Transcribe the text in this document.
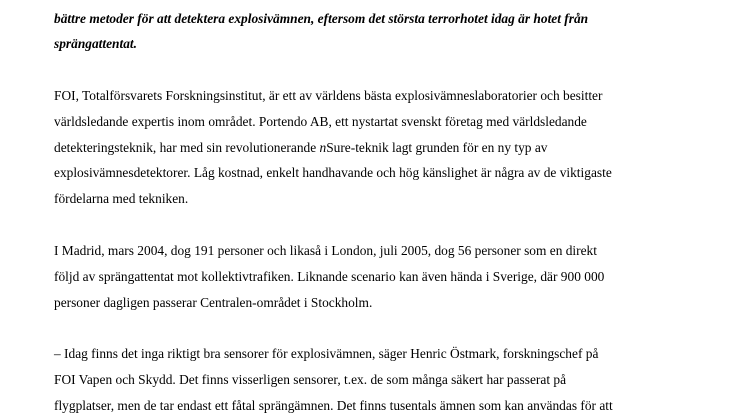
bättre metoder för att detektera explosivämnen, eftersom det största terrorhotet idag är hotet från
sprängattentat.
FOI, Totalförsvarets Forskningsinstitut, är ett av världens bästa explosivämneslaboratorier och besitter
världsledande expertis inom området. Portendo AB, ett nystartat svenskt företag med världsledande
detekteringsteknik, har med sin revolutionerande nSure-teknik lagt grunden för en ny typ av
explosivämnesdetektorer. Låg kostnad, enkelt handhavande och hög känslighet är några av de viktigaste
fördelarna med tekniken.
I Madrid, mars 2004, dog 191 personer och likaså i London, juli 2005, dog 56 personer som en direkt
följd av sprängattentat mot kollektivtrafiken. Liknande scenario kan även hända i Sverige, där 900 000
personer dagligen passerar Centralen-området i Stockholm.
– Idag finns det inga riktigt bra sensorer för explosivämnen, säger Henric Östmark, forskningschef på
FOI Vapen och Skydd. Det finns visserligen sensorer, t.ex. de som många säkert har passerat på
flygplatser, men de tar endast ett fåtal sprängämnen. Det finns tusentals ämnen som kan användas för att
